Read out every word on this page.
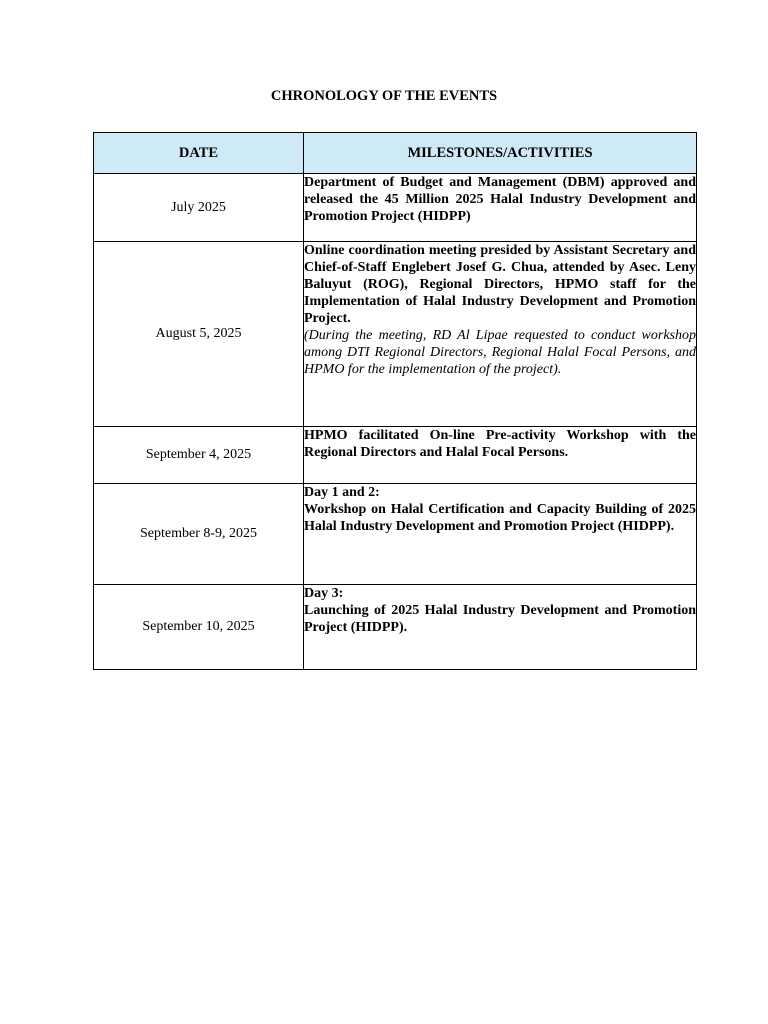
CHRONOLOGY OF THE EVENTS
DATE	MILESTONES/ACTIVITIES
July 2025	Department of Budget and Management (DBM) approved and released the 45 Million 2025 Halal Industry Development and Promotion Project (HIDPP)

August 5, 2025	Online coordination meeting presided by Assistant Secretary and Chief-of-Staff Englebert Josef G. Chua, attended by Asec. Leny Baluyut (ROG), Regional Directors, HPMO staff for the Implementation of Halal Industry Development and Promotion Project.

(During the meeting, RD Al Lipae requested to conduct workshop among DTI Regional Directors, Regional Halal Focal Persons, and HPMO for the implementation of the project).

September 4, 2025	HPMO facilitated On-line Pre-activity Workshop with the Regional Directors and Halal Focal Persons.

September 8-9, 2025	Day 1 and 2:

Workshop on Halal Certification and Capacity Building of 2025 Halal Industry Development and Promotion Project (HIDPP).

September 10, 2025	Day 3:

Launching of 2025 Halal Industry Development and Promotion Project (HIDPP).
